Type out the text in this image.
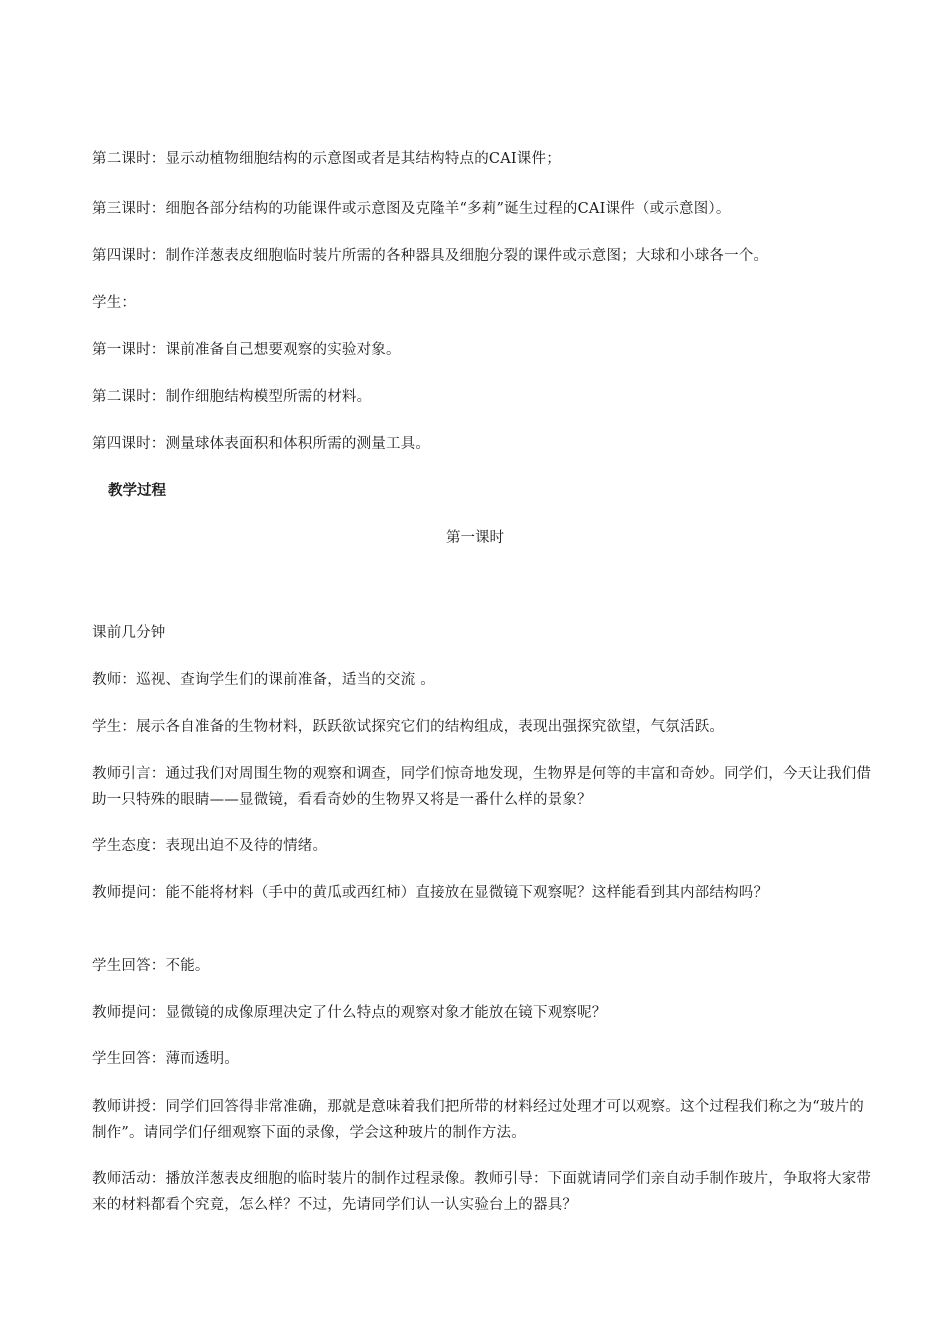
第二课时：显示动植物细胞结构的示意图或者是其结构特点的CAI课件；
第三课时：细胞各部分结构的功能课件或示意图及克隆羊“多莉”诞生过程的CAI课件（或示意图）。
第四课时：制作洋葱表皮细胞临时装片所需的各种器具及细胞分裂的课件或示意图；大球和小球各一个。
学生：
第一课时：课前准备自己想要观察的实验对象。
第二课时：制作细胞结构模型所需的材料。
第四课时：测量球体表面积和体积所需的测量工具。
教学过程
第一课时
课前几分钟
教师：巡视、查询学生们的课前准备，适当的交流 。
学生：展示各自准备的生物材料，跃跃欲试探究它们的结构组成，表现出强探究欲望，气氛活跃。
教师引言：通过我们对周围生物的观察和调查，同学们惊奇地发现，生物界是何等的丰富和奇妙。同学们，今天让我们借助一只特殊的眼睛——显微镜，看看奇妙的生物界又将是一番什么样的景象？
学生态度：表现出迫不及待的情绪。
教师提问：能不能将材料（手中的黄瓜或西红柿）直接放在显微镜下观察呢？这样能看到其内部结构吗？
学生回答：不能。
教师提问：显微镜的成像原理决定了什么特点的观察对象才能放在镜下观察呢？
学生回答：薄而透明。
教师讲授：同学们回答得非常准确，那就是意味着我们把所带的材料经过处理才可以观察。这个过程我们称之为“玻片的制作”。请同学们仔细观察下面的录像，学会这种玻片的制作方法。
教师活动：播放洋葱表皮细胞的临时装片的制作过程录像。教师引导：下面就请同学们亲自动手制作玻片，争取将大家带来的材料都看个究竟，怎么样？不过，先请同学们认一认实验台上的器具？
